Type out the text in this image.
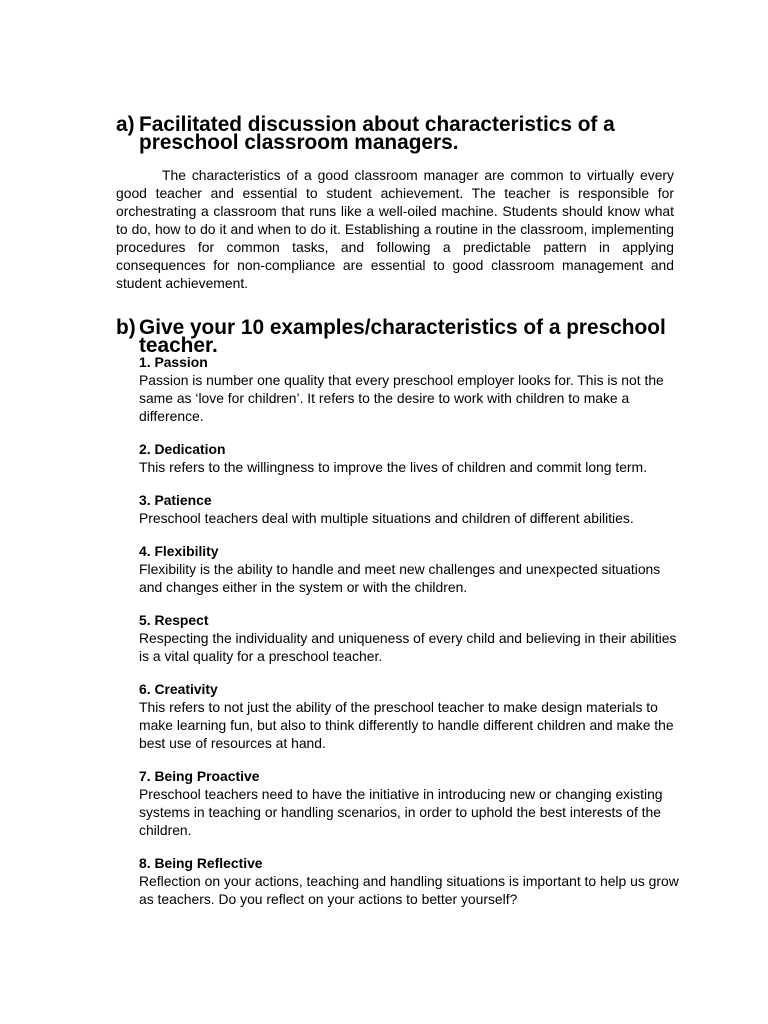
a) Facilitated discussion about characteristics of a preschool classroom managers.

The characteristics of a good classroom manager are common to virtually every good teacher and essential to student achievement. The teacher is responsible for orchestrating a classroom that runs like a well-oiled machine. Students should know what to do, how to do it and when to do it. Establishing a routine in the classroom, implementing procedures for common tasks, and following a predictable pattern in applying consequences for non-compliance are essential to good classroom management and student achievement.

b) Give your 10 examples/characteristics of a preschool teacher.
1. Passion
Passion is number one quality that every preschool employer looks for. This is not the same as ‘love for children’. It refers to the desire to work with children to make a difference.
2. Dedication
This refers to the willingness to improve the lives of children and commit long term.
3. Patience
Preschool teachers deal with multiple situations and children of different abilities.
4. Flexibility
Flexibility is the ability to handle and meet new challenges and unexpected situations and changes either in the system or with the children.
5. Respect
Respecting the individuality and uniqueness of every child and believing in their abilities is a vital quality for a preschool teacher.
6. Creativity
This refers to not just the ability of the preschool teacher to make design materials to make learning fun, but also to think differently to handle different children and make the best use of resources at hand.
7. Being Proactive
Preschool teachers need to have the initiative in introducing new or changing existing systems in teaching or handling scenarios, in order to uphold the best interests of the children.
8. Being Reflective
Reflection on your actions, teaching and handling situations is important to help us grow as teachers. Do you reflect on your actions to better yourself?
